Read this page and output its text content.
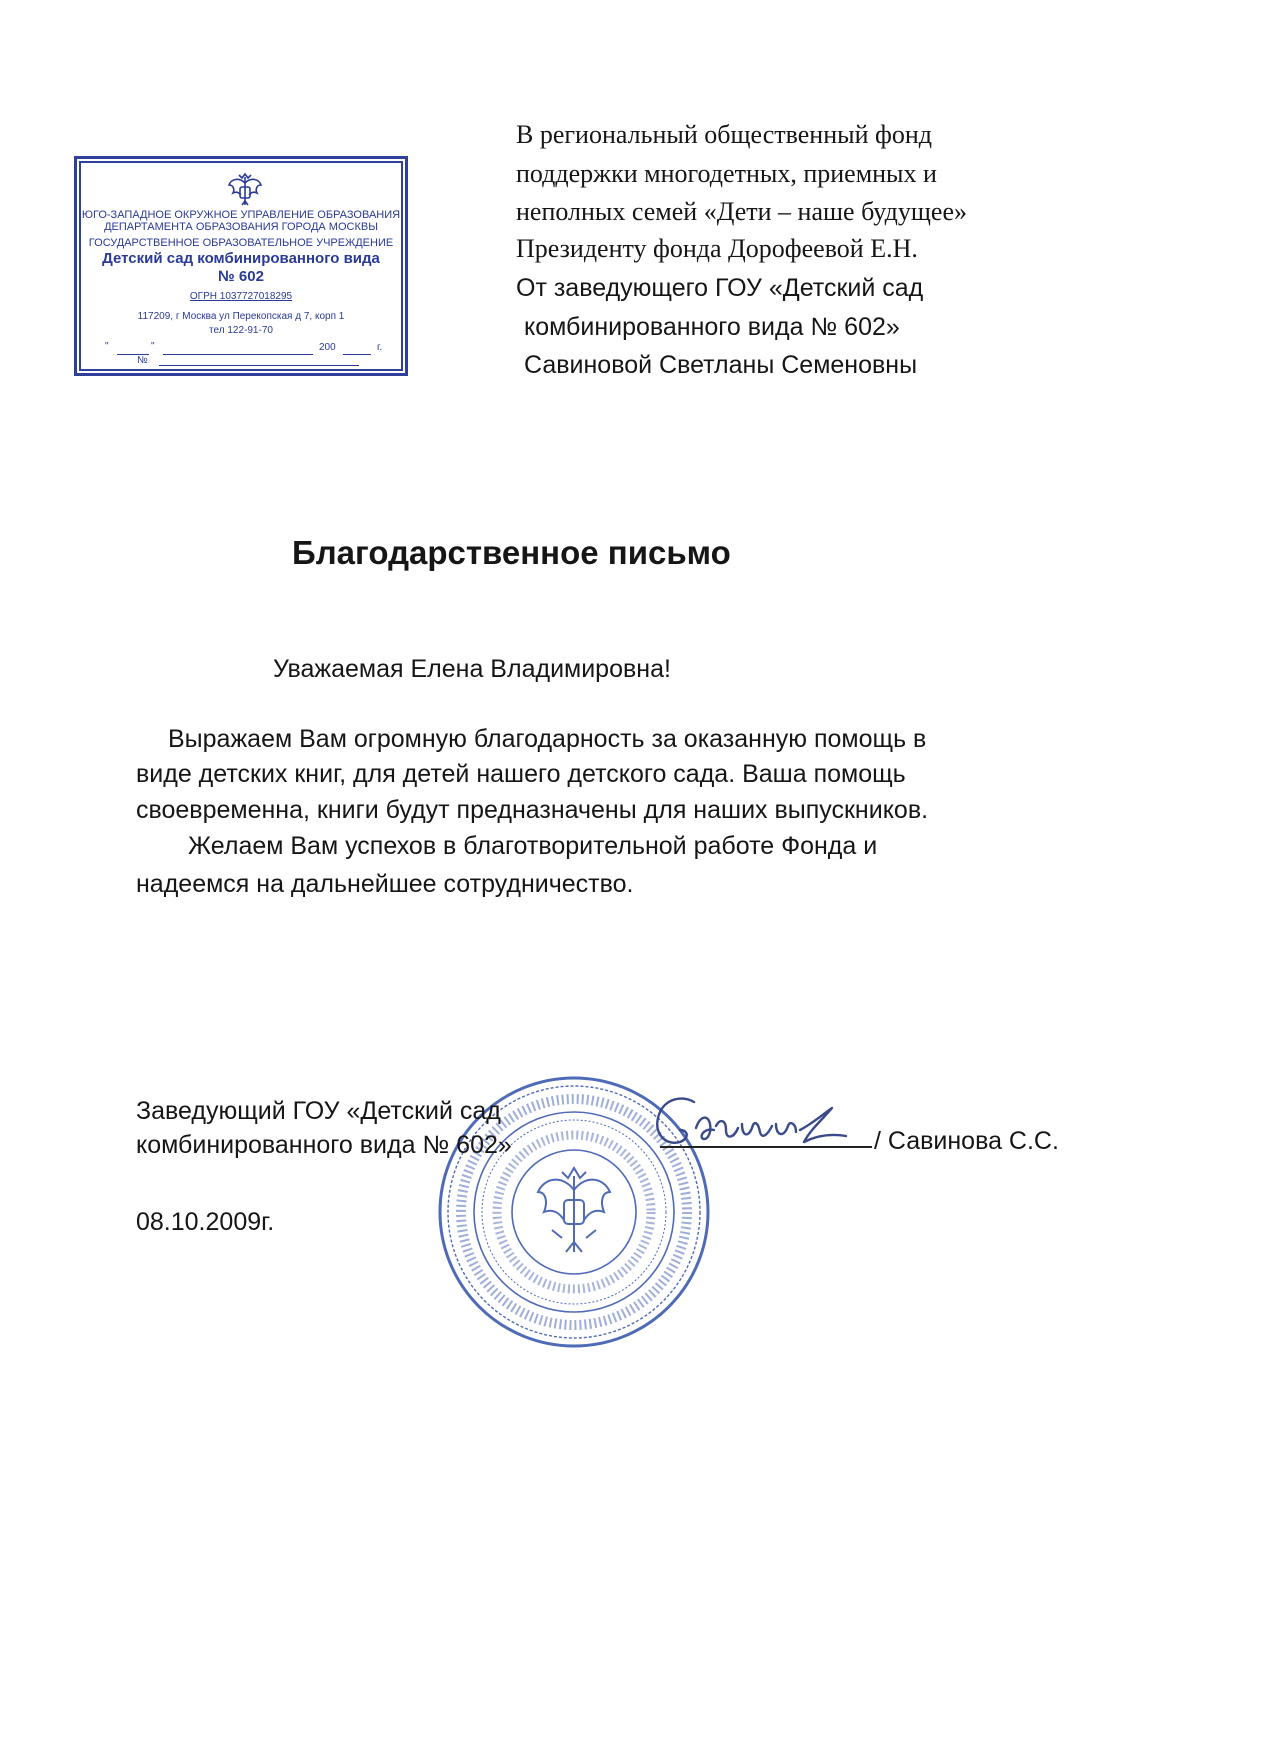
ЮГО-ЗАПАДНОЕ ОКРУЖНОЕ УПРАВЛЕНИЕ ОБРАЗОВАНИЯ
ДЕПАРТАМЕНТА ОБРАЗОВАНИЯ ГОРОДА МОСКВЫ
ГОСУДАРСТВЕННОЕ ОБРАЗОВАТЕЛЬНОЕ УЧРЕЖДЕНИЕ
Детский сад комбинированного вида
№ 602
ОГРН 1037727018295
117209, г Москва ул Перекопская д 7, корп 1
тел 122-91-70
"	"	200	г.
№
В региональный общественный фонд
поддержки многодетных, приемных и
неполных семей «Дети – наше будущее»
Президенту фонда Дорофеевой Е.Н.
От заведующего ГОУ «Детский сад
комбинированного вида № 602»
Савиновой Светланы Семеновны
Благодарственное письмо
Уважаемая Елена Владимировна!
Выражаем Вам огромную благодарность за оказанную помощь в
виде детских книг, для детей нашего детского сада. Ваша помощь
своевременна, книги будут предназначены для наших выпускников.
Желаем Вам успехов в благотворительной работе Фонда и
надеемся на дальнейшее сотрудничество.
Заведующий ГОУ «Детский сад
комбинированного вида № 602»	/ Савинова С.С.
08.10.2009г.
